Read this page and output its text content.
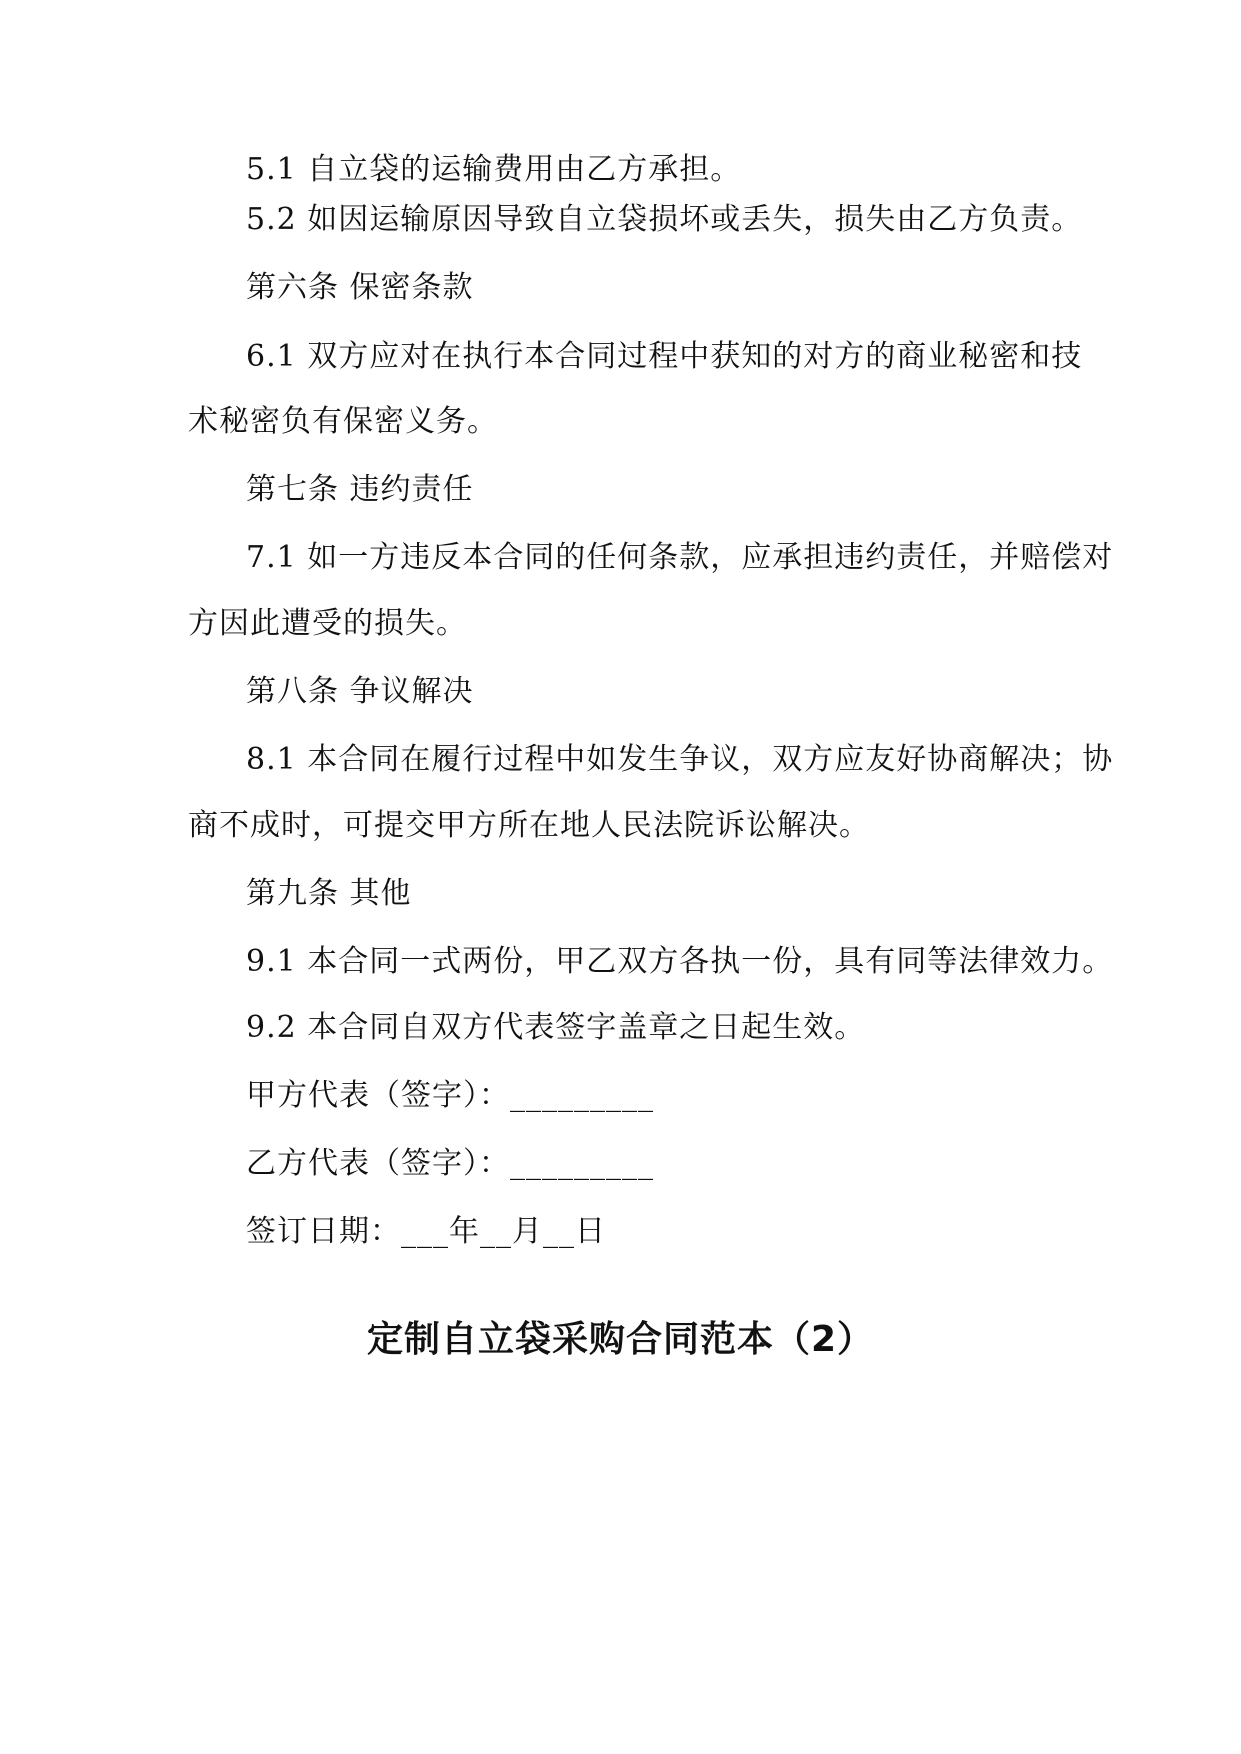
5.1 自立袋的运输费用由乙方承担。
5.2 如因运输原因导致自立袋损坏或丢失，损失由乙方负责。
第六条 保密条款
6.1 双方应对在执行本合同过程中获知的对方的商业秘密和技
术秘密负有保密义务。
第七条 违约责任
7.1 如一方违反本合同的任何条款，应承担违约责任，并赔偿对
方因此遭受的损失。
第八条 争议解决
8.1 本合同在履行过程中如发生争议，双方应友好协商解决；协
商不成时，可提交甲方所在地人民法院诉讼解决。
第九条 其他
9.1 本合同一式两份，甲乙双方各执一份，具有同等法律效力。
9.2 本合同自双方代表签字盖章之日起生效。
甲方代表（签字）：_________
乙方代表（签字）：_________
签订日期：___年__月__日
定制自立袋采购合同范本（2）
